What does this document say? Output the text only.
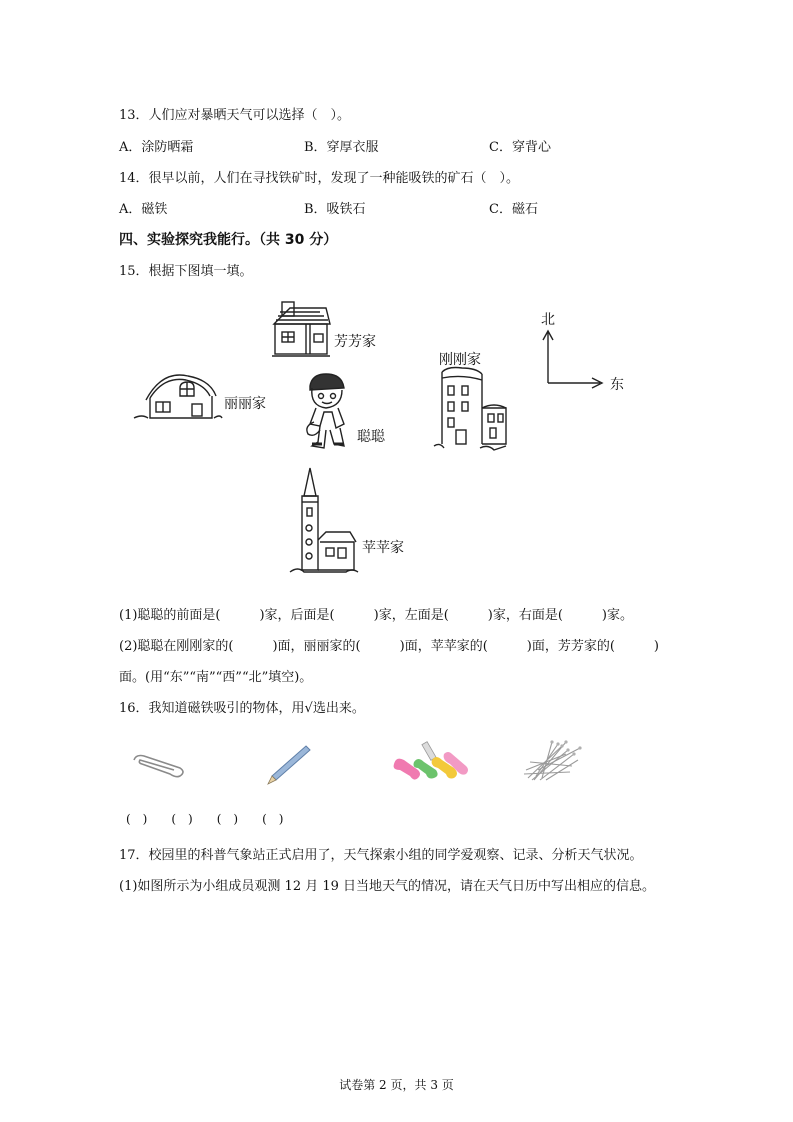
13．人们应对暴晒天气可以选择（　）。
A．涂防晒霜	B．穿厚衣服	C．穿背心
14．很早以前，人们在寻找铁矿时，发现了一种能吸铁的矿石（　）。
A．磁铁	B．吸铁石	C．磁石
四、实验探究我能行。（共 30 分）
15．根据下图填一填。
芳芳家
丽丽家
聪聪
刚刚家
北
东
苹苹家
(1)聪聪的前面是(　　　)家，后面是(　　　)家，左面是(　　　)家，右面是(　　　)家。
(2)聪聪在刚刚家的(　　　)面，丽丽家的(　　　)面，苹苹家的(　　　)面，芳芳家的(　　　)
面。(用“东”“南”“西”“北”填空)。
16．我知道磁铁吸引的物体，用√选出来。
(　)　　(　)　　(　)　　(　)
17．校园里的科普气象站正式启用了，天气探索小组的同学爱观察、记录、分析天气状况。
(1)如图所示为小组成员观测 12 月 19 日当地天气的情况，请在天气日历中写出相应的信息。
试卷第 2 页，共 3 页
